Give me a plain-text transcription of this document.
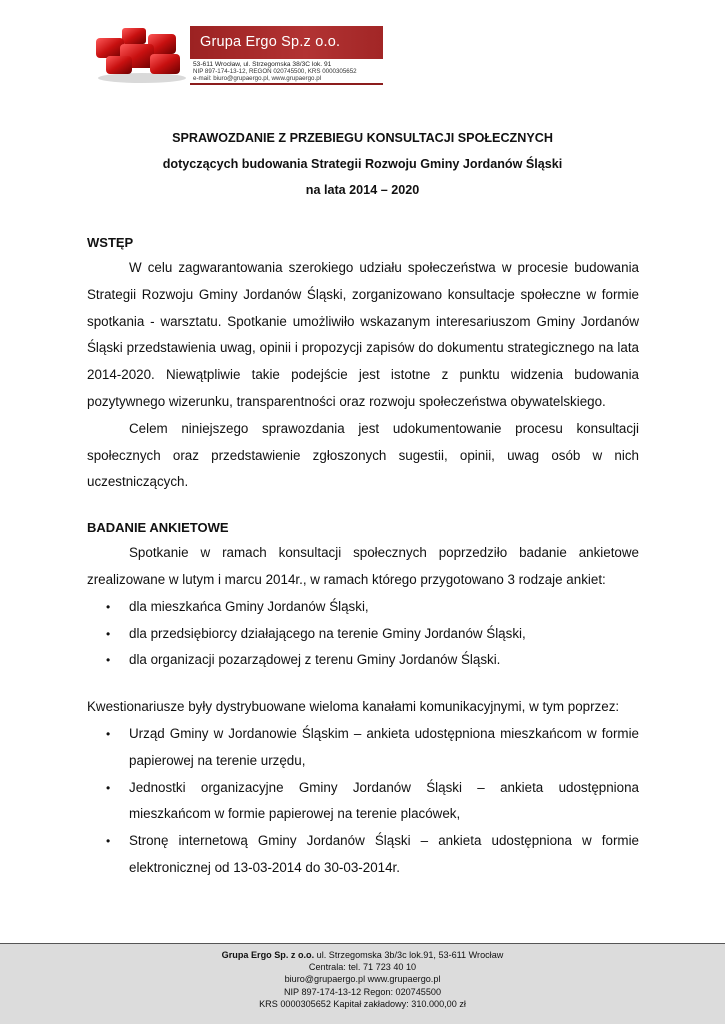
Grupa Ergo Sp.z o.o.
53-611 Wrocław, ul. Strzegomska 38/3C lok. 91
NIP 897-174-13-12, REGON 020745500, KRS 0000305652
e-mail: biuro@grupaergo.pl, www.grupaergo.pl
SPRAWOZDANIE Z PRZEBIEGU KONSULTACJI SPOŁECZNYCH
dotyczących budowania Strategii Rozwoju Gminy Jordanów Śląski
na lata 2014 – 2020
WSTĘP
W celu zagwarantowania szerokiego udziału społeczeństwa w procesie budowania Strategii Rozwoju Gminy Jordanów Śląski, zorganizowano konsultacje społeczne w formie spotkania - warsztatu. Spotkanie umożliwiło wskazanym interesariuszom Gminy Jordanów Śląski przedstawienia uwag, opinii i propozycji zapisów do dokumentu strategicznego na lata 2014-2020. Niewątpliwie takie podejście jest istotne z punktu widzenia budowania pozytywnego wizerunku, transparentności oraz rozwoju społeczeństwa obywatelskiego.
Celem niniejszego sprawozdania jest udokumentowanie procesu konsultacji społecznych oraz przedstawienie zgłoszonych sugestii, opinii, uwag osób w nich uczestniczących.
BADANIE ANKIETOWE
Spotkanie w ramach konsultacji społecznych poprzedziło badanie ankietowe zrealizowane w lutym i marcu 2014r., w ramach którego przygotowano 3 rodzaje ankiet:
• dla mieszkańca Gminy Jordanów Śląski,
• dla przedsiębiorcy działającego na terenie Gminy Jordanów Śląski,
• dla organizacji pozarządowej z terenu Gminy Jordanów Śląski.
Kwestionariusze były dystrybuowane wieloma kanałami komunikacyjnymi, w tym poprzez:
• Urząd Gminy w Jordanowie Śląskim – ankieta udostępniona mieszkańcom w formie papierowej na terenie urzędu,
• Jednostki organizacyjne Gminy Jordanów Śląski – ankieta udostępniona mieszkańcom w formie papierowej na terenie placówek,
• Stronę internetową Gminy Jordanów Śląski – ankieta udostępniona w formie elektronicznej od 13-03-2014 do 30-03-2014r.
Grupa Ergo Sp. z o.o. ul. Strzegomska 3b/3c lok.91, 53-611 Wrocław
Centrala: tel. 71 723 40 10
biuro@grupaergo.pl www.grupaergo.pl
NIP 897-174-13-12 Regon: 020745500
KRS 0000305652 Kapitał zakładowy: 310.000,00 zł
